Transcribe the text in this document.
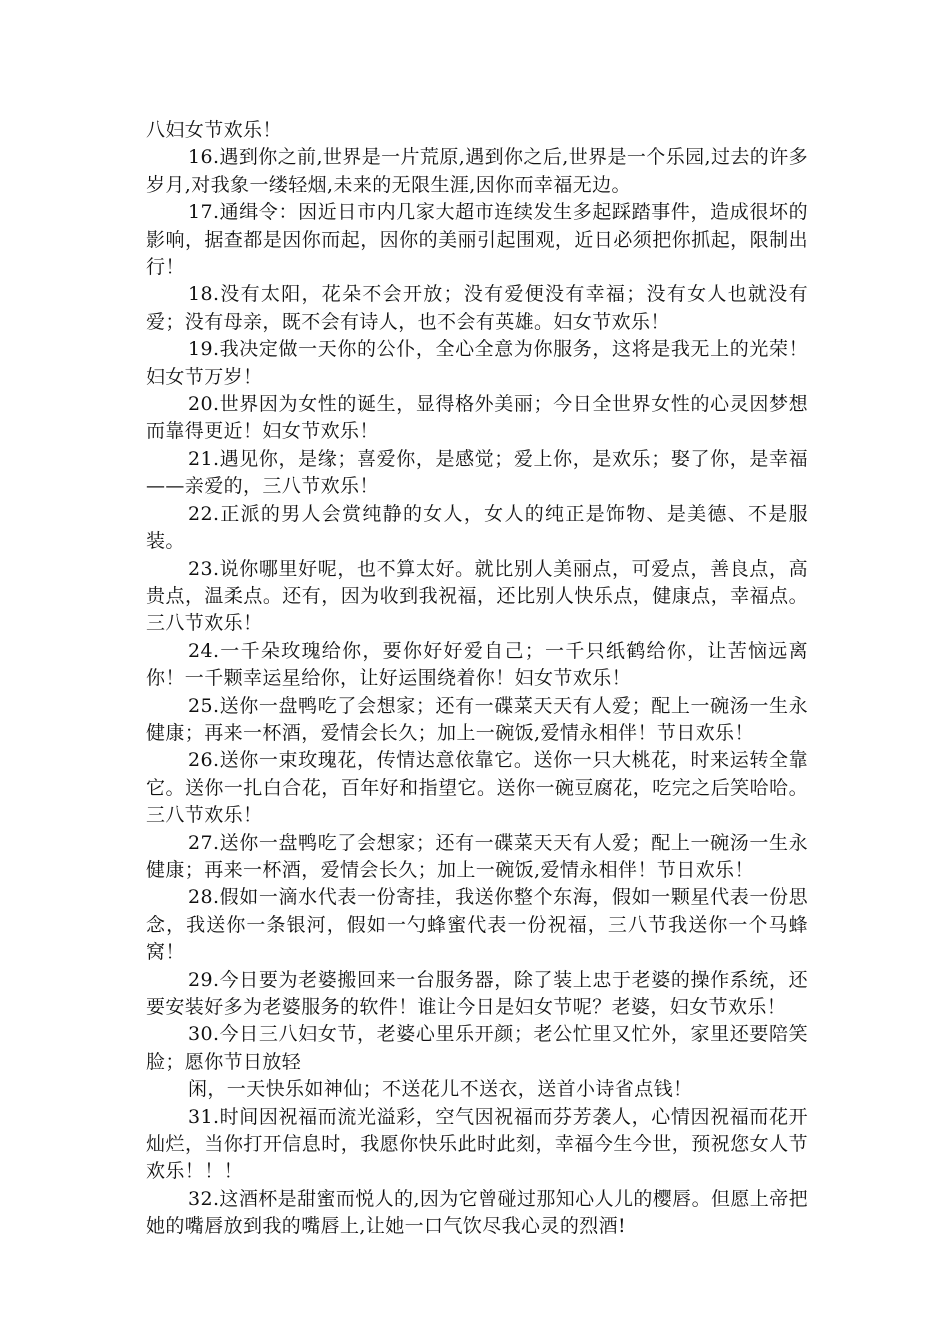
八妇女节欢乐！

16.遇到你之前,世界是一片荒原,遇到你之后,世界是一个乐园,过去的许多岁月,对我象一缕轻烟,未来的无限生涯,因你而幸福无边。

17.通缉令：因近日市内几家大超市连续发生多起踩踏事件，造成很坏的影响，据查都是因你而起，因你的美丽引起围观，近日必须把你抓起，限制出行！

18.没有太阳，花朵不会开放；没有爱便没有幸福；没有女人也就没有爱；没有母亲，既不会有诗人，也不会有英雄。妇女节欢乐！

19.我决定做一天你的公仆，全心全意为你服务，这将是我无上的光荣！妇女节万岁！

20.世界因为女性的诞生，显得格外美丽；今日全世界女性的心灵因梦想而靠得更近！妇女节欢乐！

21.遇见你，是缘；喜爱你，是感觉；爱上你，是欢乐；娶了你，是幸福——亲爱的，三八节欢乐！

22.正派的男人会赏纯静的女人，女人的纯正是饰物、是美德、不是服装。

23.说你哪里好呢，也不算太好。就比别人美丽点，可爱点，善良点，高贵点，温柔点。还有，因为收到我祝福，还比别人快乐点，健康点，幸福点。三八节欢乐！

24.一千朵玫瑰给你，要你好好爱自己；一千只纸鹤给你，让苦恼远离你！一千颗幸运星给你，让好运围绕着你！妇女节欢乐！

25.送你一盘鸭吃了会想家；还有一碟菜天天有人爱；配上一碗汤一生永健康；再来一杯酒，爱情会长久；加上一碗饭,爱情永相伴！节日欢乐！

26.送你一束玫瑰花，传情达意依靠它。送你一只大桃花，时来运转全靠它。送你一扎白合花，百年好和指望它。送你一碗豆腐花，吃完之后笑哈哈。三八节欢乐！

27.送你一盘鸭吃了会想家；还有一碟菜天天有人爱；配上一碗汤一生永健康；再来一杯酒，爱情会长久；加上一碗饭,爱情永相伴！节日欢乐！

28.假如一滴水代表一份寄挂，我送你整个东海，假如一颗星代表一份思念，我送你一条银河，假如一勺蜂蜜代表一份祝福，三八节我送你一个马蜂窝！

29.今日要为老婆搬回来一台服务器，除了装上忠于老婆的操作系统，还要安装好多为老婆服务的软件！谁让今日是妇女节呢？老婆，妇女节欢乐！

30.今日三八妇女节，老婆心里乐开颜；老公忙里又忙外，家里还要陪笑脸；愿你节日放轻

闲，一天快乐如神仙；不送花儿不送衣，送首小诗省点钱！

31.时间因祝福而流光溢彩，空气因祝福而芬芳袭人，心情因祝福而花开灿烂，当你打开信息时，我愿你快乐此时此刻，幸福今生今世，预祝您女人节欢乐！！！

32.这酒杯是甜蜜而悦人的,因为它曾碰过那知心人儿的樱唇。但愿上帝把她的嘴唇放到我的嘴唇上,让她一口气饮尽我心灵的烈酒!
